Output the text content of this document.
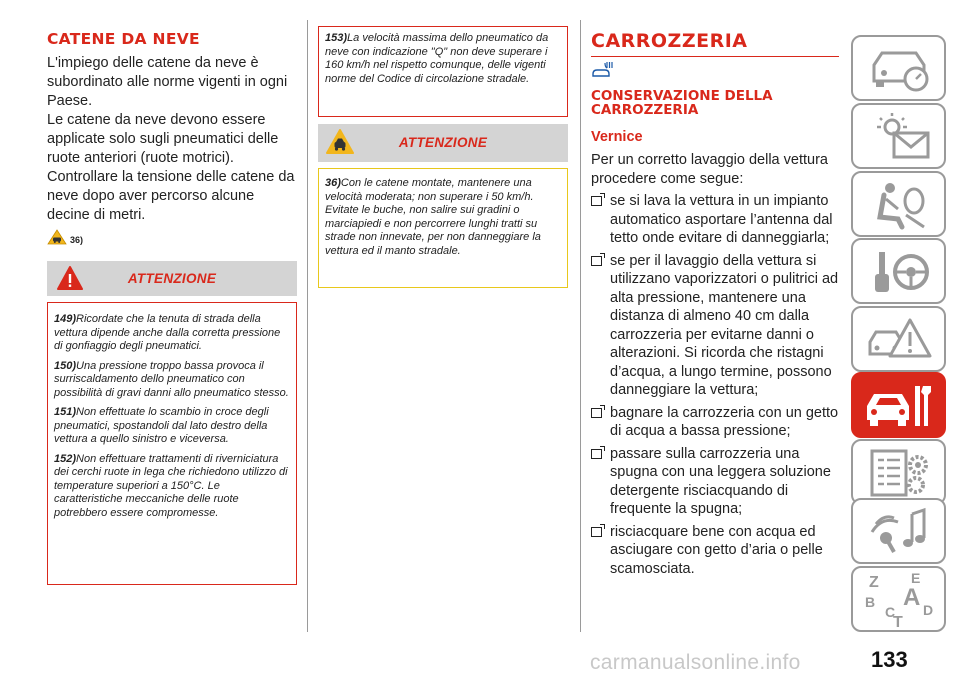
CATENE DA NEVE

L'impiego delle catene da neve è subordinato alle norme vigenti in ogni Paese.

Le catene da neve devono essere applicate solo sugli pneumatici delle ruote anteriori (ruote motrici).

Controllare la tensione delle catene da neve dopo aver percorso alcune decine di metri.

36)
ATTENZIONE

149)Ricordate che la tenuta di strada della vettura dipende anche dalla corretta pressione di gonfiaggio degli pneumatici.

150)Una pressione troppo bassa provoca il surriscaldamento dello pneumatico con possibilità di gravi danni allo pneumatico stesso.

151)Non effettuate lo scambio in croce degli pneumatici, spostandoli dal lato destro della vettura a quello sinistro e viceversa.

152)Non effettuare trattamenti di riverniciatura dei cerchi ruote in lega che richiedono utilizzo di temperature superiori a 150°C. Le caratteristiche meccaniche delle ruote potrebbero essere compromesse.

153)La velocità massima dello pneumatico da neve con indicazione "Q" non deve superare i 160 km/h nel rispetto comunque, delle vigenti norme del Codice di circolazione stradale.

ATTENZIONE

36)Con le catene montate, mantenere una velocità moderata; non superare i 50 km/h. Evitate le buche, non salire sui gradini o marciapiedi e non percorrere lunghi tratti su strade non innevate, per non danneggiare la vettura ed il manto stradale.

CARROZZERIA
CONSERVAZIONE DELLA
CARROZZERIA
Vernice

Per un corretto lavaggio della vettura procedere come segue:

se si lava la vettura in un impianto automatico asportare l’antenna dal tetto onde evitare di danneggiarla;
se per il lavaggio della vettura si utilizzano vaporizzatori o pulitrici ad alta pressione, mantenere una distanza di almeno 40 cm dalla carrozzeria per evitarne danni o alterazioni. Si ricorda che ristagni d’acqua, a lungo termine, possono danneggiare la vettura;
bagnare la carrozzeria con un getto di acqua a bassa pressione;
passare sulla carrozzeria una spugna con una leggera soluzione detergente risciacquando di frequente la spugna;
risciacquare bene con acqua ed asciugare con getto d’aria o pelle scamosciata.
Z E
B A
C
T
D
133
carmanualsonline.info
